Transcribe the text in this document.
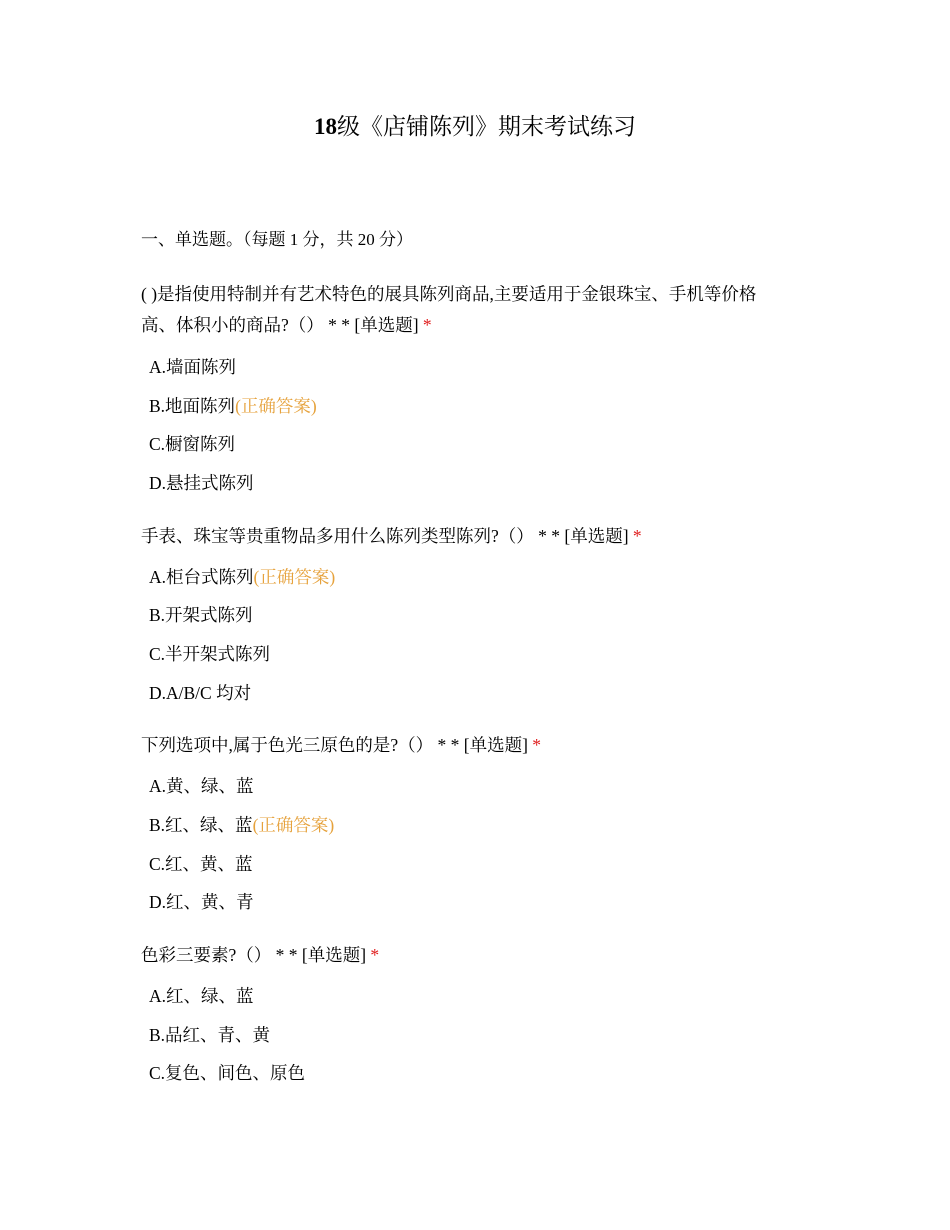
18级《店铺陈列》期末考试练习
一、单选题。（每题 1 分，共 20 分）
( )是指使用特制并有艺术特色的展具陈列商品,主要适用于金银珠宝、手机等价格
高、体积小的商品?（） * * [单选题] *
A.墙面陈列
B.地面陈列(正确答案)
C.橱窗陈列
D.悬挂式陈列
手表、珠宝等贵重物品多用什么陈列类型陈列?（） * * [单选题] *
A.柜台式陈列(正确答案)
B.开架式陈列
C.半开架式陈列
D.A/B/C 均对
下列选项中,属于色光三原色的是?（） * * [单选题] *
A.黄、绿、蓝
B.红、绿、蓝(正确答案)
C.红、黄、蓝
D.红、黄、青
色彩三要素?（） * * [单选题] *
A.红、绿、蓝
B.品红、青、黄
C.复色、间色、原色
